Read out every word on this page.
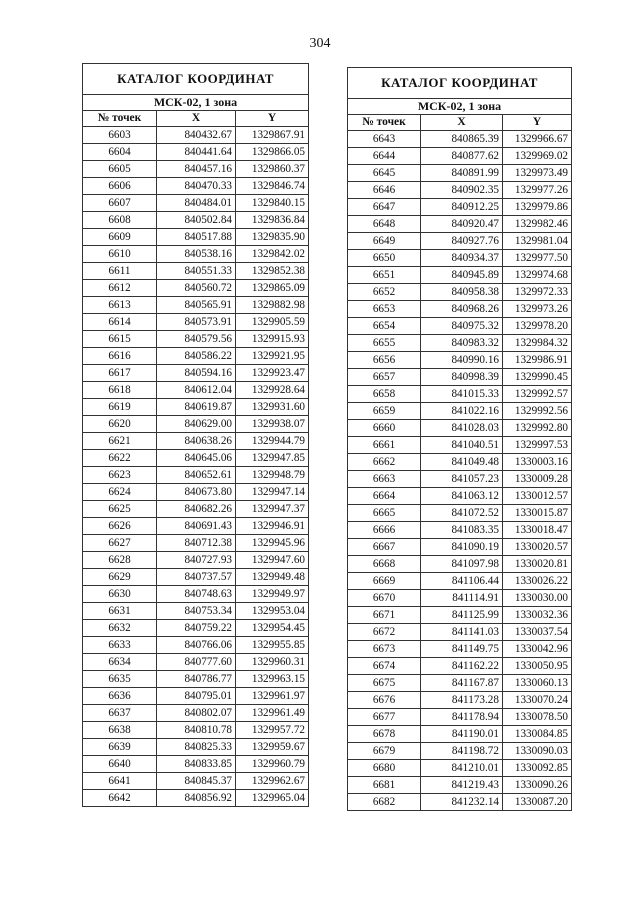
304
КАТАЛОГ КООРДИНАТ		
МСК-02, 1 зона		
№ точек	X	Y
6603	840432.67	1329867.91
6604	840441.64	1329866.05
6605	840457.16	1329860.37
6606	840470.33	1329846.74
6607	840484.01	1329840.15
6608	840502.84	1329836.84
6609	840517.88	1329835.90
6610	840538.16	1329842.02
6611	840551.33	1329852.38
6612	840560.72	1329865.09
6613	840565.91	1329882.98
6614	840573.91	1329905.59
6615	840579.56	1329915.93
6616	840586.22	1329921.95
6617	840594.16	1329923.47
6618	840612.04	1329928.64
6619	840619.87	1329931.60
6620	840629.00	1329938.07
6621	840638.26	1329944.79
6622	840645.06	1329947.85
6623	840652.61	1329948.79
6624	840673.80	1329947.14
6625	840682.26	1329947.37
6626	840691.43	1329946.91
6627	840712.38	1329945.96
6628	840727.93	1329947.60
6629	840737.57	1329949.48
6630	840748.63	1329949.97
6631	840753.34	1329953.04
6632	840759.22	1329954.45
6633	840766.06	1329955.85
6634	840777.60	1329960.31
6635	840786.77	1329963.15
6636	840795.01	1329961.97
6637	840802.07	1329961.49
6638	840810.78	1329957.72
6639	840825.33	1329959.67
6640	840833.85	1329960.79
6641	840845.37	1329962.67
6642	840856.92	1329965.04
КАТАЛОГ КООРДИНАТ		
МСК-02, 1 зона		
№ точек	X	Y
6643	840865.39	1329966.67
6644	840877.62	1329969.02
6645	840891.99	1329973.49
6646	840902.35	1329977.26
6647	840912.25	1329979.86
6648	840920.47	1329982.46
6649	840927.76	1329981.04
6650	840934.37	1329977.50
6651	840945.89	1329974.68
6652	840958.38	1329972.33
6653	840968.26	1329973.26
6654	840975.32	1329978.20
6655	840983.32	1329984.32
6656	840990.16	1329986.91
6657	840998.39	1329990.45
6658	841015.33	1329992.57
6659	841022.16	1329992.56
6660	841028.03	1329992.80
6661	841040.51	1329997.53
6662	841049.48	1330003.16
6663	841057.23	1330009.28
6664	841063.12	1330012.57
6665	841072.52	1330015.87
6666	841083.35	1330018.47
6667	841090.19	1330020.57
6668	841097.98	1330020.81
6669	841106.44	1330026.22
6670	841114.91	1330030.00
6671	841125.99	1330032.36
6672	841141.03	1330037.54
6673	841149.75	1330042.96
6674	841162.22	1330050.95
6675	841167.87	1330060.13
6676	841173.28	1330070.24
6677	841178.94	1330078.50
6678	841190.01	1330084.85
6679	841198.72	1330090.03
6680	841210.01	1330092.85
6681	841219.43	1330090.26
6682	841232.14	1330087.20
